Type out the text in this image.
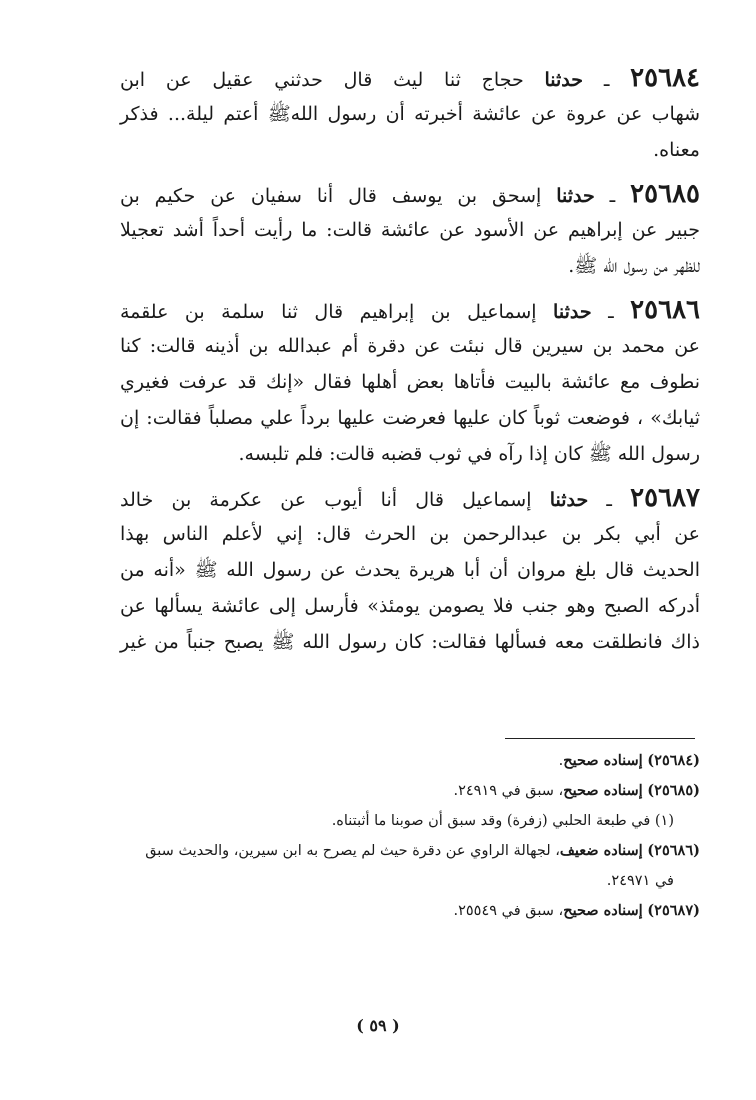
٢٥٦٨٤ ـ حدثنا حجاج ثنا ليث قال حدثني عقيل عن ابن
شهاب عن عروة عن عائشة أخبرته أن رسول اللهﷺ أعتم ليلة... فذكر
معناه.
٢٥٦٨٥ ـ حدثنا إسحق بن يوسف قال أنا سفيان عن حكيم بن
جبير عن إبراهيم عن الأسود عن عائشة قالت: ما رأيت أحداً أشد تعجيلا
للظهر من رسول الله ﷺ.
٢٥٦٨٦ ـ حدثنا إسماعيل بن إبراهيم قال ثنا سلمة بن علقمة
عن محمد بن سيرين قال نبئت عن دقرة أم عبدالله بن أذينه قالت: كنا
نطوف مع عائشة بالبيت فأتاها بعض أهلها فقال «إنك قد عرفت فغيري
ثيابك» ، فوضعت ثوباً كان عليها فعرضت عليها برداً علي مصلباً فقالت: إن
رسول الله ﷺ كان إذا رآه في ثوب قضبه قالت: فلم تلبسه.
٢٥٦٨٧ ـ حدثنا إسماعيل قال أنا أيوب عن عكرمة بن خالد
عن أبي بكر بن عبدالرحمن بن الحرث قال: إني لأعلم الناس بهذا
الحديث قال بلغ مروان أن أبا هريرة يحدث عن رسول الله ﷺ «أنه من
أدركه الصبح وهو جنب فلا يصومن يومئذ» فأرسل إلى عائشة يسألها عن
ذاك فانطلقت معه فسألها فقالت: كان رسول الله ﷺ يصبح جنباً من غير
(٢٥٦٨٤) إسناده صحيح.
(٢٥٦٨٥) إسناده صحيح، سبق في ٢٤٩١٩.
(١) في طبعة الحلبي (زفرة) وقد سبق أن صوبنا ما أثبتناه.
(٢٥٦٨٦) إسناده ضعيف، لجهالة الراوي عن دقرة حيث لم يصرح به ابن سيرين، والحديث سبق
في ٢٤٩٧١.
(٢٥٦٨٧) إسناده صحيح، سبق في ٢٥٥٤٩.
( ٥٩ )
